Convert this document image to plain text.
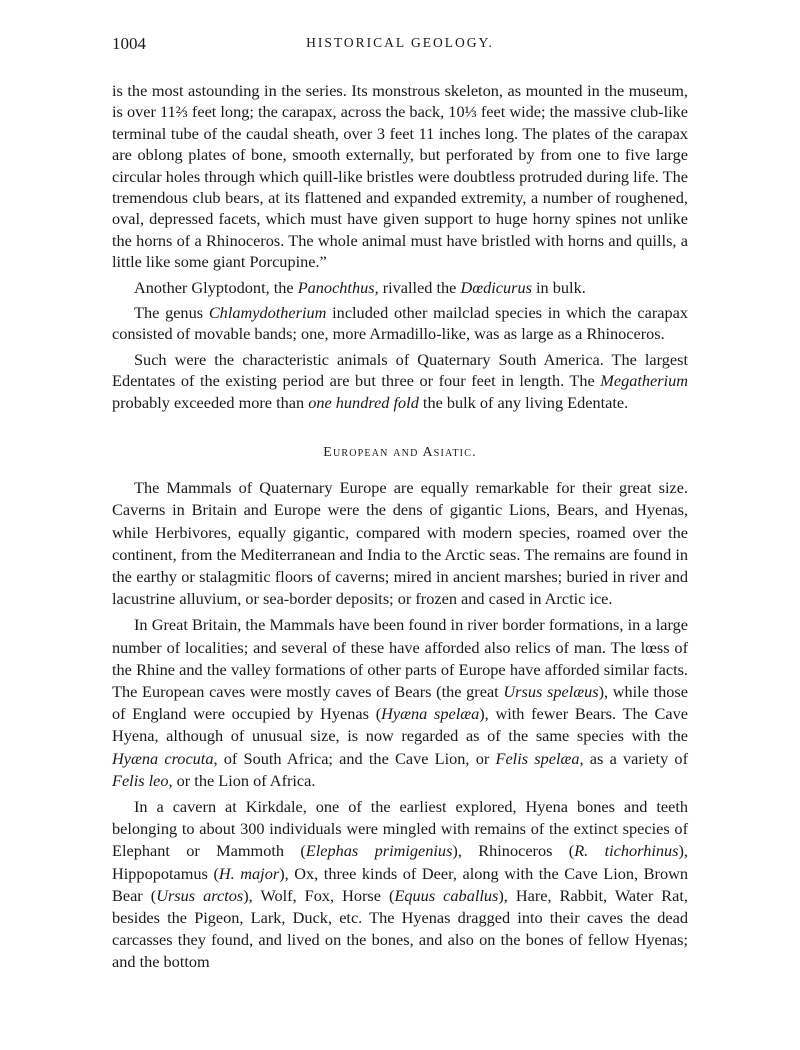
1004	HISTORICAL GEOLOGY.

is the most astounding in the series. Its monstrous skeleton, as mounted in the museum, is over 11⅔ feet long; the carapax, across the back, 10⅓ feet wide; the massive club-like terminal tube of the caudal sheath, over 3 feet 11 inches long. The plates of the carapax are oblong plates of bone, smooth externally, but perforated by from one to five large circular holes through which quill-like bristles were doubtless protruded during life. The tremendous club bears, at its flattened and expanded extremity, a number of roughened, oval, depressed facets, which must have given support to huge horny spines not unlike the horns of a Rhinoceros. The whole animal must have bristled with horns and quills, a little like some giant Porcupine.”

Another Glyptodont, the Panochthus, rivalled the Dœdicurus in bulk.

The genus Chlamydotherium included other mailclad species in which the carapax consisted of movable bands; one, more Armadillo-like, was as large as a Rhinoceros.

Such were the characteristic animals of Quaternary South America. The largest Edentates of the existing period are but three or four feet in length. The Megatherium probably exceeded more than one hundred fold the bulk of any living Edentate.

European and Asiatic.

The Mammals of Quaternary Europe are equally remarkable for their great size. Caverns in Britain and Europe were the dens of gigantic Lions, Bears, and Hyenas, while Herbivores, equally gigantic, compared with modern species, roamed over the continent, from the Mediterranean and India to the Arctic seas. The remains are found in the earthy or stalagmitic floors of caverns; mired in ancient marshes; buried in river and lacustrine alluvium, or sea-border deposits; or frozen and cased in Arctic ice.

In Great Britain, the Mammals have been found in river border formations, in a large number of localities; and several of these have afforded also relics of man. The lœss of the Rhine and the valley formations of other parts of Europe have afforded similar facts. The European caves were mostly caves of Bears (the great Ursus spelæus), while those of England were occupied by Hyenas (Hyæna spelæa), with fewer Bears. The Cave Hyena, although of unusual size, is now regarded as of the same species with the Hyæna crocuta, of South Africa; and the Cave Lion, or Felis spelæa, as a variety of Felis leo, or the Lion of Africa.

In a cavern at Kirkdale, one of the earliest explored, Hyena bones and teeth belonging to about 300 individuals were mingled with remains of the extinct species of Elephant or Mammoth (Elephas primigenius), Rhinoceros (R. tichorhinus), Hippopotamus (H. major), Ox, three kinds of Deer, along with the Cave Lion, Brown Bear (Ursus arctos), Wolf, Fox, Horse (Equus caballus), Hare, Rabbit, Water Rat, besides the Pigeon, Lark, Duck, etc. The Hyenas dragged into their caves the dead carcasses they found, and lived on the bones, and also on the bones of fellow Hyenas; and the bottom
